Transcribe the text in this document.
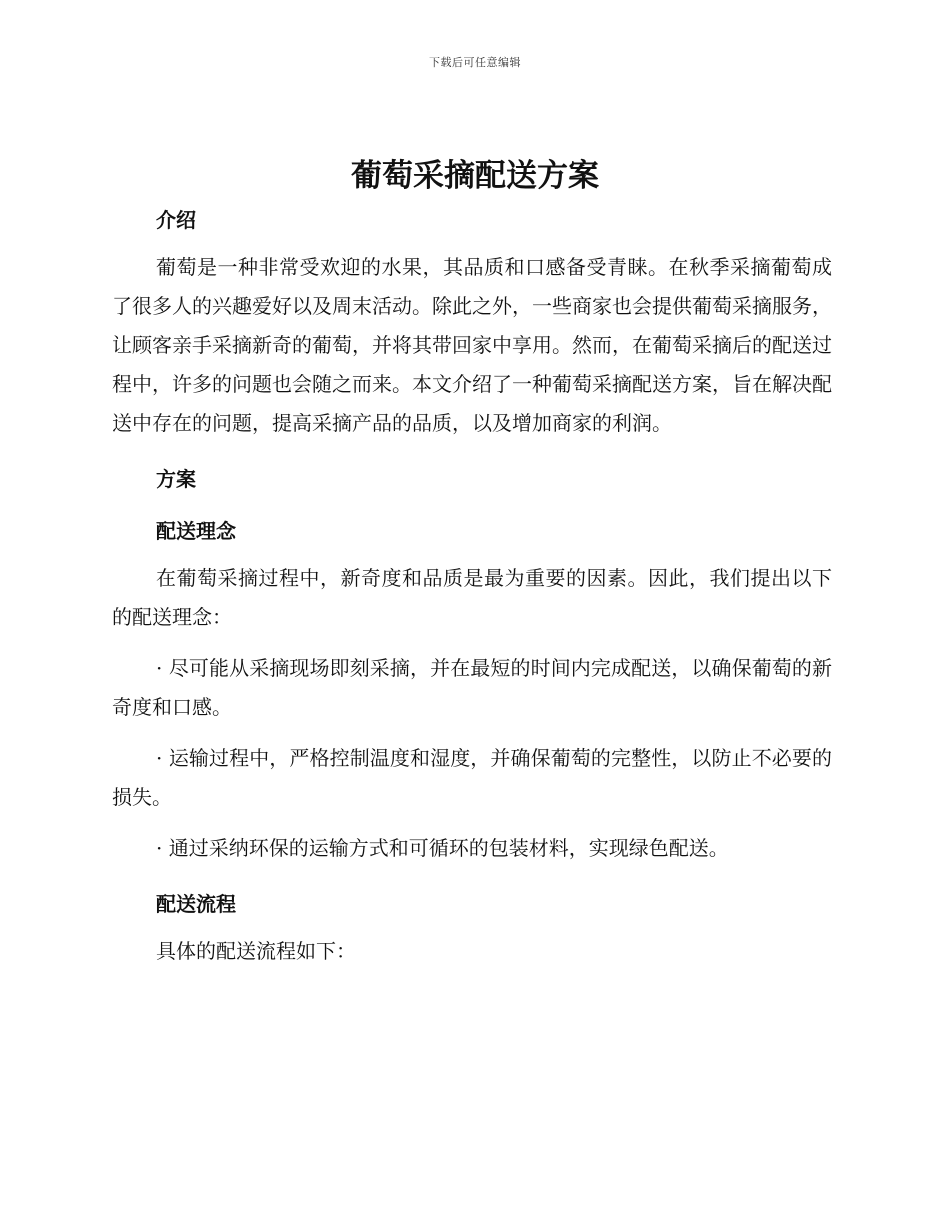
下载后可任意编辑
葡萄采摘配送方案
介绍

葡萄是一种非常受欢迎的水果，其品质和口感备受青睐。在秋季采摘葡萄成了很多人的兴趣爱好以及周末活动。除此之外，一些商家也会提供葡萄采摘服务，让顾客亲手采摘新奇的葡萄，并将其带回家中享用。然而，在葡萄采摘后的配送过程中，许多的问题也会随之而来。本文介绍了一种葡萄采摘配送方案，旨在解决配送中存在的问题，提高采摘产品的品质，以及增加商家的利润。

方案
配送理念

在葡萄采摘过程中，新奇度和品质是最为重要的因素。因此，我们提出以下的配送理念：

· 尽可能从采摘现场即刻采摘，并在最短的时间内完成配送，以确保葡萄的新奇度和口感。

· 运输过程中，严格控制温度和湿度，并确保葡萄的完整性，以防止不必要的损失。

· 通过采纳环保的运输方式和可循环的包装材料，实现绿色配送。

配送流程

具体的配送流程如下：
